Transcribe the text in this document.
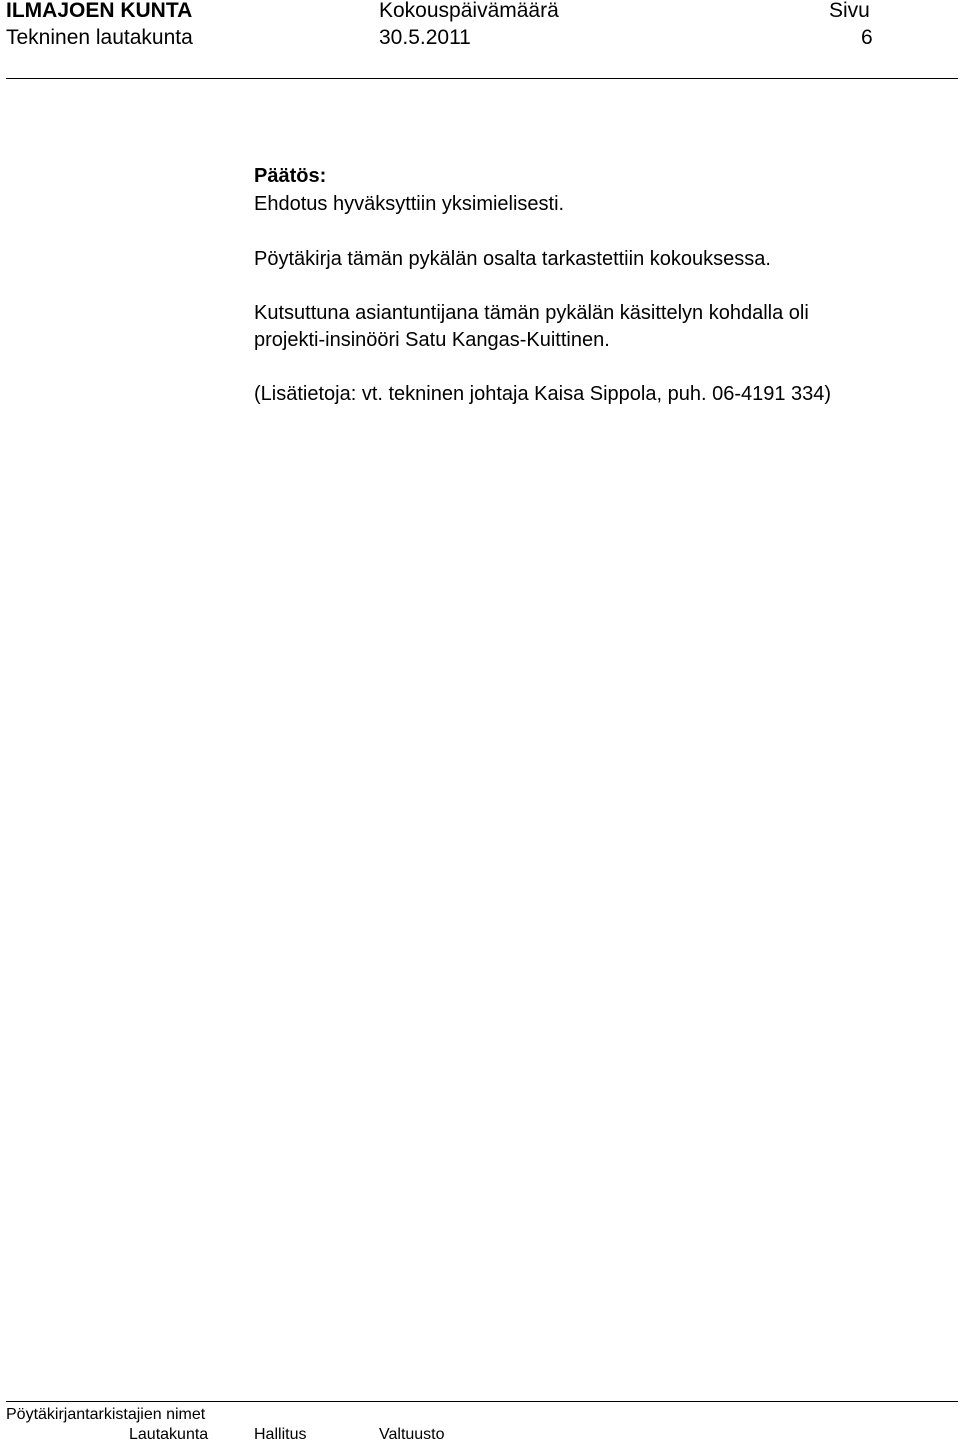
ILMAJOEN KUNTA	Kokouspäivämäärä	Sivu
Tekninen lautakunta	30.5.2011	6
Päätös:
Ehdotus hyväksyttiin yksimielisesti.
Pöytäkirja tämän pykälän osalta tarkastettiin kokouksessa.
Kutsuttuna asiantuntijana tämän pykälän käsittelyn kohdalla oli
projekti-insinööri Satu Kangas-Kuittinen.
(Lisätietoja: vt. tekninen johtaja Kaisa Sippola, puh. 06-4191 334)
Pöytäkirjantarkistajien nimet
Lautakunta	Hallitus	Valtuusto
